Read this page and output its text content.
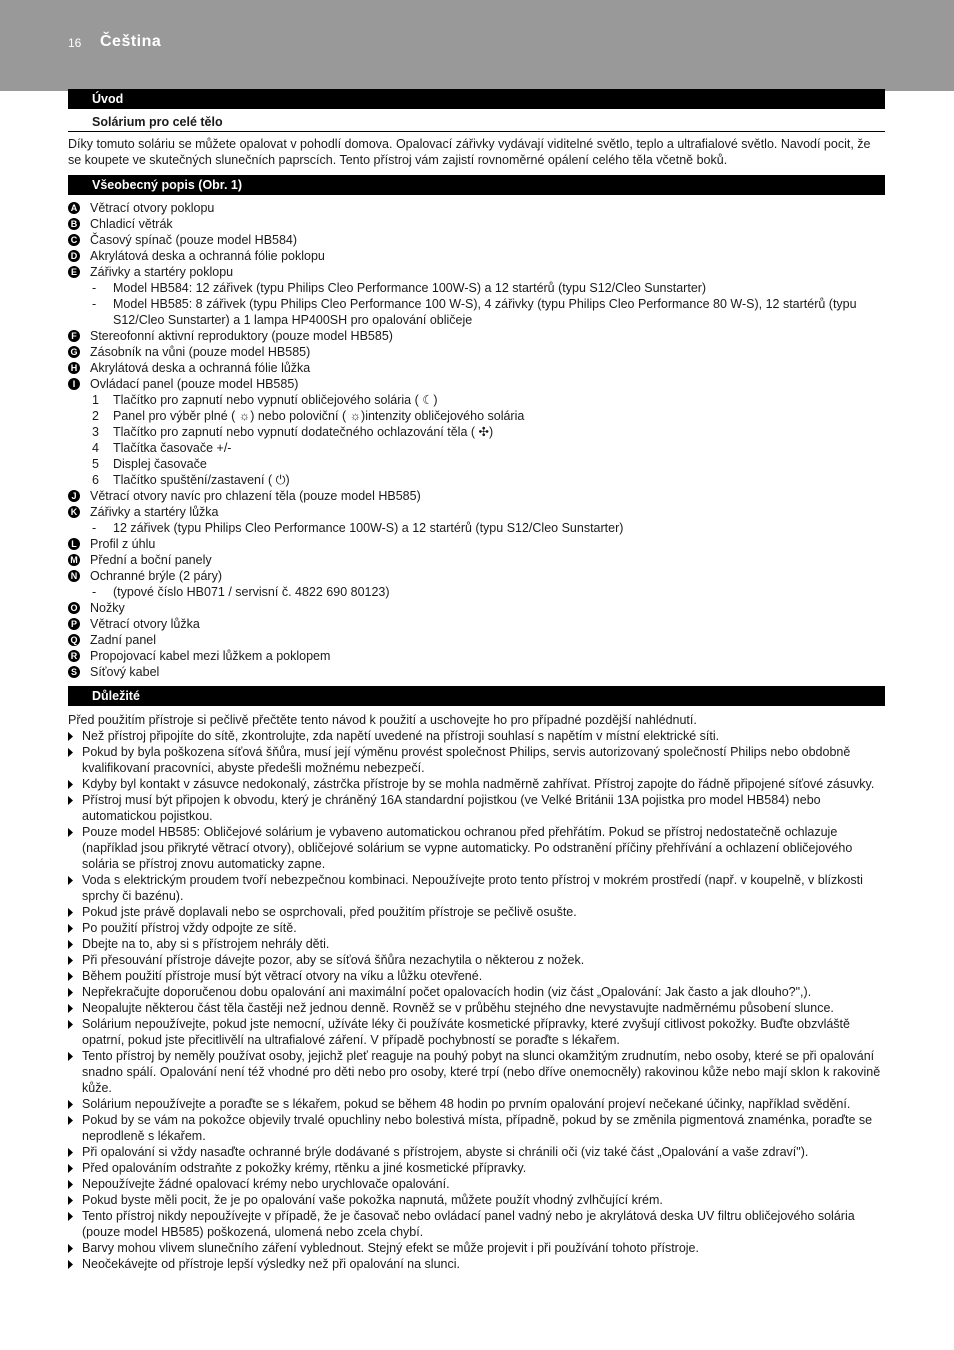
16 Čeština
Úvod
Solárium pro celé tělo

Díky tomuto soláriu se můžete opalovat v pohodlí domova. Opalovací zářivky vydávají viditelné světlo, teplo a ultrafialové světlo. Navodí pocit, že se koupete ve skutečných slunečních paprscích. Tento přístroj vám zajistí rovnoměrné opálení celého těla včetně boků.

Všeobecný popis (Obr. 1)
A Větrací otvory poklopu
B Chladicí větrák
C Časový spínač (pouze model HB584)
D Akrylátová deska a ochranná fólie poklopu
E Zářivky a startéry poklopu
- Model HB584: 12 zářivek (typu Philips Cleo Performance 100W-S) a 12 startérů (typu S12/Cleo Sunstarter)
- Model HB585: 8 zářivek (typu Philips Cleo Performance 100 W-S), 4 zářivky (typu Philips Cleo Performance 80 W-S), 12 startérů (typu S12/Cleo Sunstarter) a 1 lampa HP400SH pro opalování obličeje
F Stereofonní aktivní reproduktory (pouze model HB585)
G Zásobník na vůni (pouze model HB585)
H Akrylátová deska a ochranná fólie lůžka
I	Ovládací panel (pouze model HB585)
1 Tlačítko pro zapnutí nebo vypnutí obličejového solária ( ☾)
2 Panel pro výběr plné ( ☼) nebo poloviční ( ☼)intenzity obličejového solária
3 Tlačítko pro zapnutí nebo vypnutí dodatečného ochlazování těla ( ✣)
4 Tlačítka časovače +/-
5 Displej časovače
6 Tlačítko spuštění/zastavení ( ⏻)
J Větrací otvory navíc pro chlazení těla (pouze model HB585)
K Zářivky a startéry lůžka
- 12 zářivek (typu Philips Cleo Performance 100W-S) a 12 startérů (typu S12/Cleo Sunstarter)
L Profil z úhlu
M Přední a boční panely
N Ochranné brýle (2 páry)
- (typové číslo HB071 / servisní č. 4822 690 80123)
O Nožky
P Větrací otvory lůžka
Q Zadní panel
R Propojovací kabel mezi lůžkem a poklopem
S Síťový kabel
Důležité

Před použitím přístroje si pečlivě přečtěte tento návod k použití a uschovejte ho pro případné pozdější nahlédnutí.

Než přístroj připojíte do sítě, zkontrolujte, zda napětí uvedené na přístroji souhlasí s napětím v místní elektrické síti.
Pokud by byla poškozena síťová šňůra, musí její výměnu provést společnost Philips, servis autorizovaný společností Philips nebo obdobně kvalifikovaní pracovníci, abyste předešli možnému nebezpečí.
Kdyby byl kontakt v zásuvce nedokonalý, zástrčka přístroje by se mohla nadměrně zahřívat. Přístroj zapojte do řádně připojené síťové zásuvky.
Přístroj musí být připojen k obvodu, který je chráněný 16A standardní pojistkou (ve Velké Británii 13A pojistka pro model HB584) nebo automatickou pojistkou.
Pouze model HB585: Obličejové solárium je vybaveno automatickou ochranou před přehřátím. Pokud se přístroj nedostatečně ochlazuje (například jsou přikryté větrací otvory), obličejové solárium se vypne automaticky. Po odstranění příčiny přehřívání a ochlazení obličejového solária se přístroj znovu automaticky zapne.
Voda s elektrickým proudem tvoří nebezpečnou kombinaci. Nepoužívejte proto tento přístroj v mokrém prostředí (např. v koupelně, v blízkosti sprchy či bazénu).
Pokud jste právě doplavali nebo se osprchovali, před použitím přístroje se pečlivě osušte.
Po použití přístroj vždy odpojte ze sítě.
Dbejte na to, aby si s přístrojem nehrály děti.
Při přesouvání přístroje dávejte pozor, aby se síťová šňůra nezachytila o některou z nožek.
Během použití přístroje musí být větrací otvory na víku a lůžku otevřené.
Nepřekračujte doporučenou dobu opalování ani maximální počet opalovacích hodin (viz část „Opalování: Jak často a jak dlouho?",).
Neopalujte některou část těla častěji než jednou denně. Rovněž se v průběhu stejného dne nevystavujte nadměrnému působení slunce.
Solárium nepoužívejte, pokud jste nemocní, užíváte léky či používáte kosmetické přípravky, které zvyšují citlivost pokožky. Buďte obzvláště opatrní, pokud jste přecitlivělí na ultrafialové záření. V případě pochybností se poraďte s lékařem.
Tento přístroj by neměly používat osoby, jejichž pleť reaguje na pouhý pobyt na slunci okamžitým zrudnutím, nebo osoby, které se při opalování snadno spálí. Opalování není též vhodné pro děti nebo pro osoby, které trpí (nebo dříve onemocněly) rakovinou kůže nebo mají sklon k rakovině kůže.
Solárium nepoužívejte a poraďte se s lékařem, pokud se během 48 hodin po prvním opalování projeví nečekané účinky, například svědění.
Pokud by se vám na pokožce objevily trvalé opuchliny nebo bolestivá místa, případně, pokud by se změnila pigmentová znaménka, poraďte se neprodleně s lékařem.
Při opalování si vždy nasaďte ochranné brýle dodávané s přístrojem, abyste si chránili oči (viz také část „Opalování a vaše zdraví").
Před opalováním odstraňte z pokožky krémy, rtěnku a jiné kosmetické přípravky.
Nepoužívejte žádné opalovací krémy nebo urychlovače opalování.
Pokud byste měli pocit, že je po opalování vaše pokožka napnutá, můžete použít vhodný zvlhčující krém.
Tento přístroj nikdy nepoužívejte v případě, že je časovač nebo ovládací panel vadný nebo je akrylátová deska UV filtru obličejového solária (pouze model HB585) poškozená, ulomená nebo zcela chybí.
Barvy mohou vlivem slunečního záření vyblednout. Stejný efekt se může projevit i při používání tohoto přístroje.
Neočekávejte od přístroje lepší výsledky než při opalování na slunci.
